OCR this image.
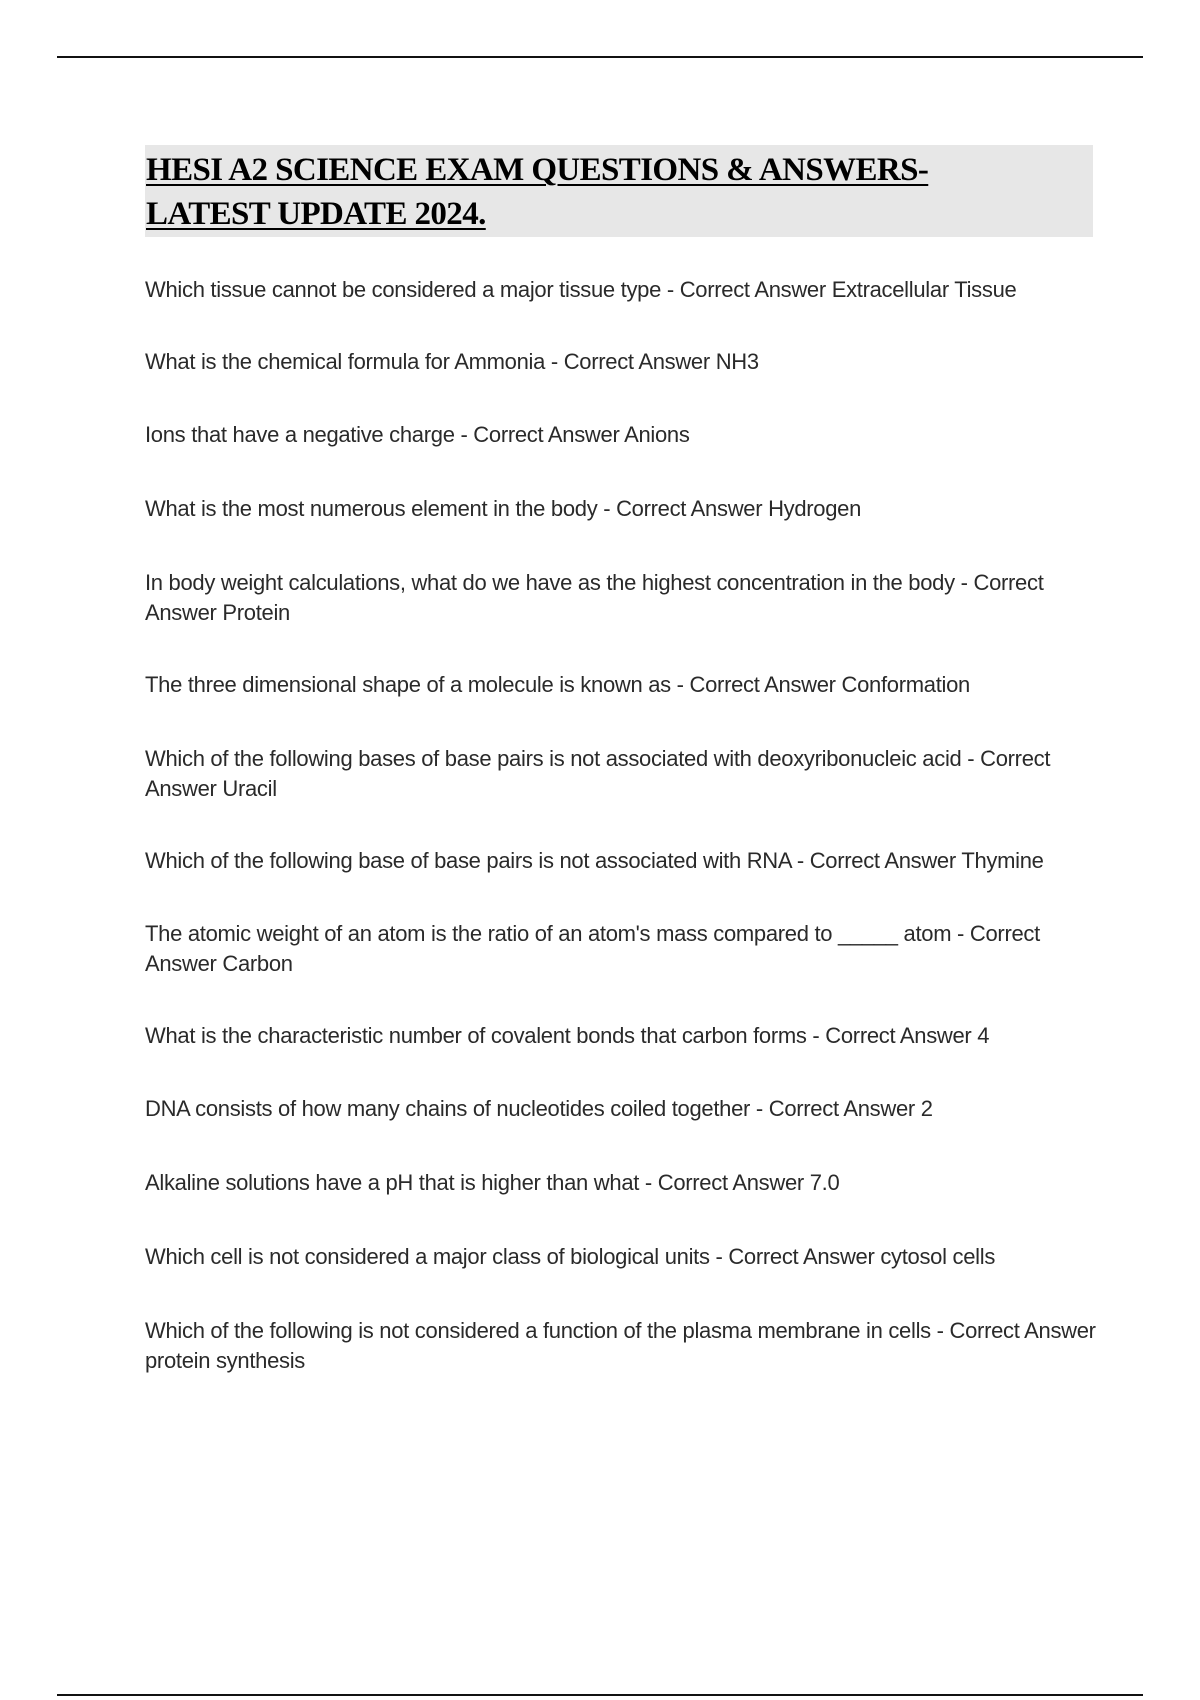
HESI A2 SCIENCE EXAM QUESTIONS & ANSWERS-
LATEST UPDATE 2024.
Which tissue cannot be considered a major tissue type - Correct Answer Extracellular Tissue
What is the chemical formula for Ammonia - Correct Answer NH3
Ions that have a negative charge - Correct Answer Anions
What is the most numerous element in the body - Correct Answer Hydrogen
In body weight calculations, what do we have as the highest concentration in the body - Correct Answer Protein
The three dimensional shape of a molecule is known as - Correct Answer Conformation
Which of the following bases of base pairs is not associated with deoxyribonucleic acid - Correct Answer Uracil
Which of the following base of base pairs is not associated with RNA - Correct Answer Thymine
The atomic weight of an atom is the ratio of an atom's mass compared to _____ atom - Correct Answer Carbon
What is the characteristic number of covalent bonds that carbon forms - Correct Answer 4
DNA consists of how many chains of nucleotides coiled together - Correct Answer 2
Alkaline solutions have a pH that is higher than what - Correct Answer 7.0
Which cell is not considered a major class of biological units - Correct Answer cytosol cells
Which of the following is not considered a function of the plasma membrane in cells - Correct Answer protein synthesis
